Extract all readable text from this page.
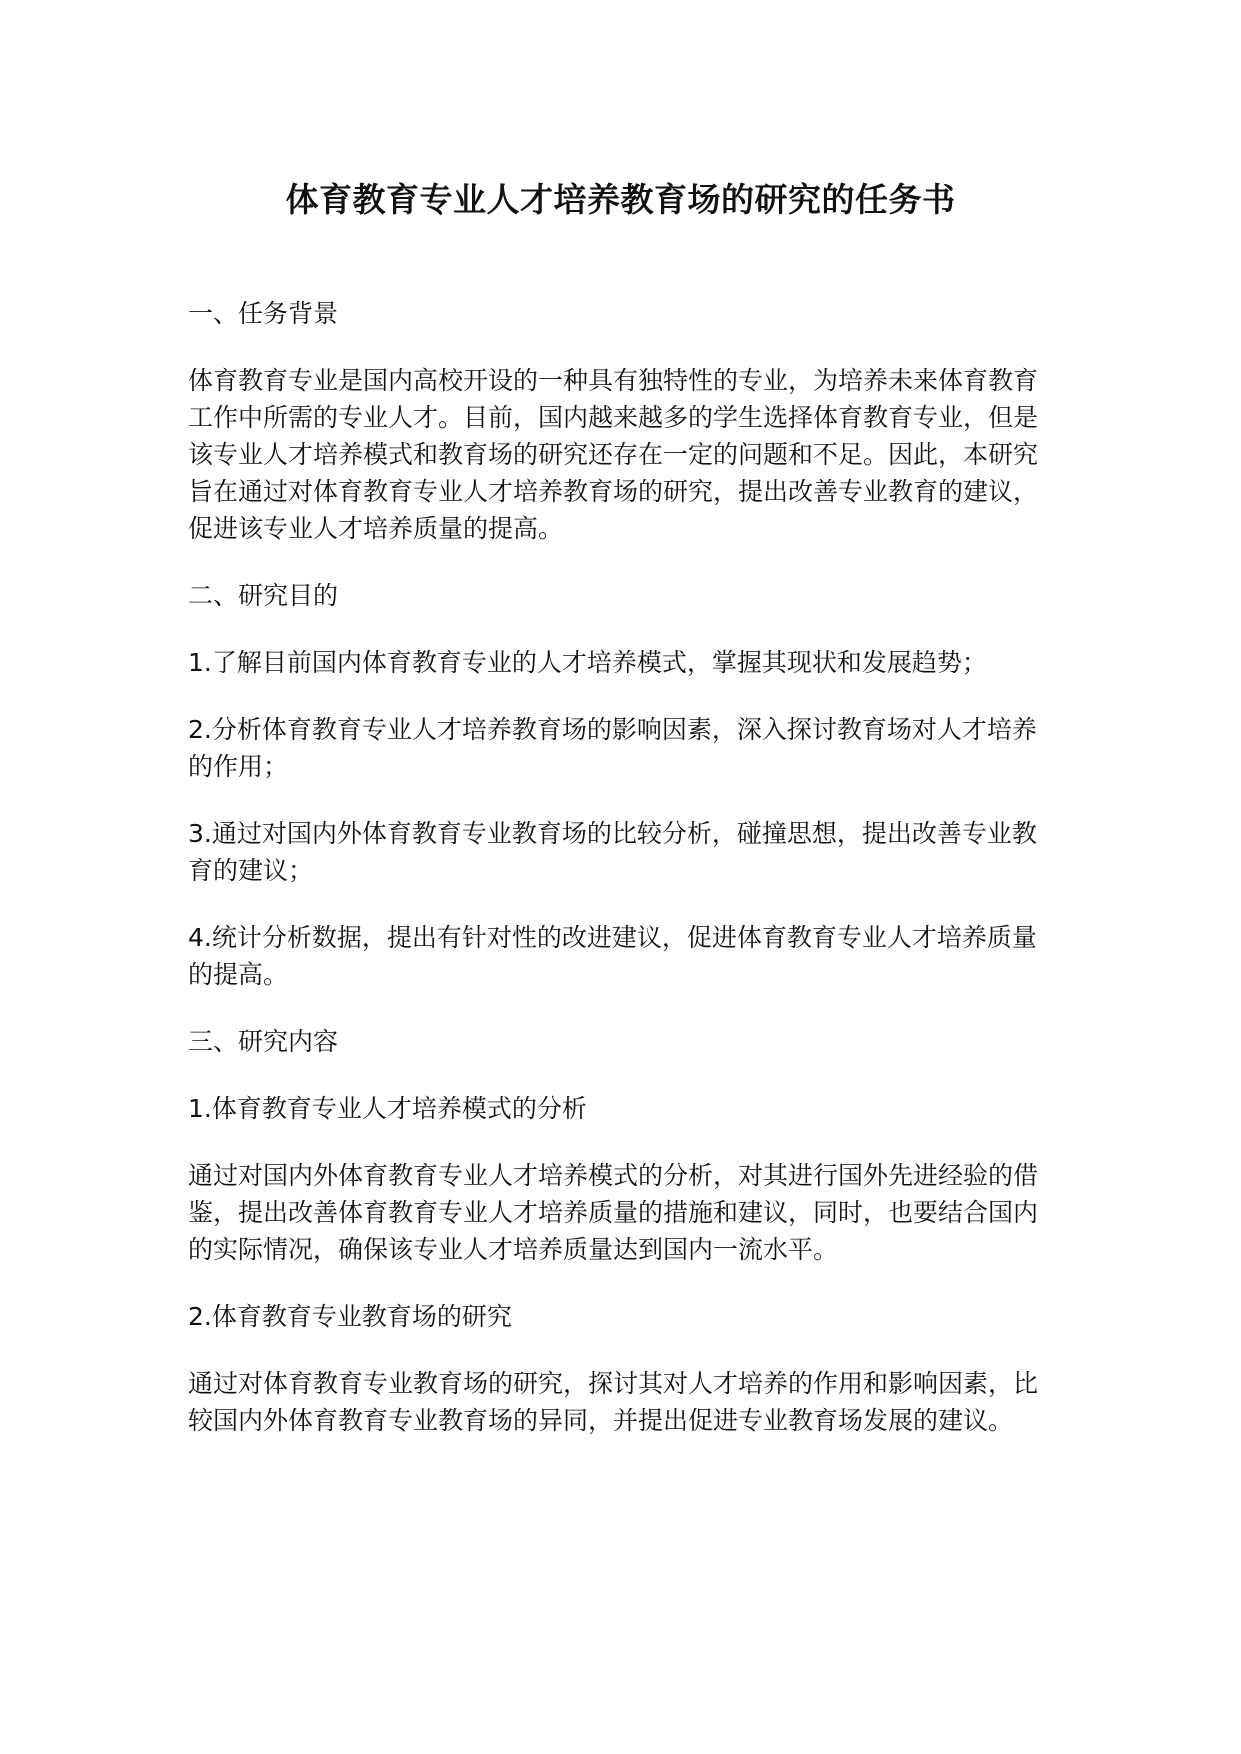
体育教育专业人才培养教育场的研究的任务书

一、任务背景

体育教育专业是国内高校开设的一种具有独特性的专业，为培养未来体育教育工作中所需的专业人才。目前，国内越来越多的学生选择体育教育专业，但是该专业人才培养模式和教育场的研究还存在一定的问题和不足。因此，本研究旨在通过对体育教育专业人才培养教育场的研究，提出改善专业教育的建议，促进该专业人才培养质量的提高。

二、研究目的

1.了解目前国内体育教育专业的人才培养模式，掌握其现状和发展趋势；

2.分析体育教育专业人才培养教育场的影响因素，深入探讨教育场对人才培养的作用；

3.通过对国内外体育教育专业教育场的比较分析，碰撞思想，提出改善专业教育的建议；

4.统计分析数据，提出有针对性的改进建议，促进体育教育专业人才培养质量的提高。

三、研究内容

1.体育教育专业人才培养模式的分析

通过对国内外体育教育专业人才培养模式的分析，对其进行国外先进经验的借鉴，提出改善体育教育专业人才培养质量的措施和建议，同时，也要结合国内的实际情况，确保该专业人才培养质量达到国内一流水平。

2.体育教育专业教育场的研究

通过对体育教育专业教育场的研究，探讨其对人才培养的作用和影响因素，比较国内外体育教育专业教育场的异同，并提出促进专业教育场发展的建议。
